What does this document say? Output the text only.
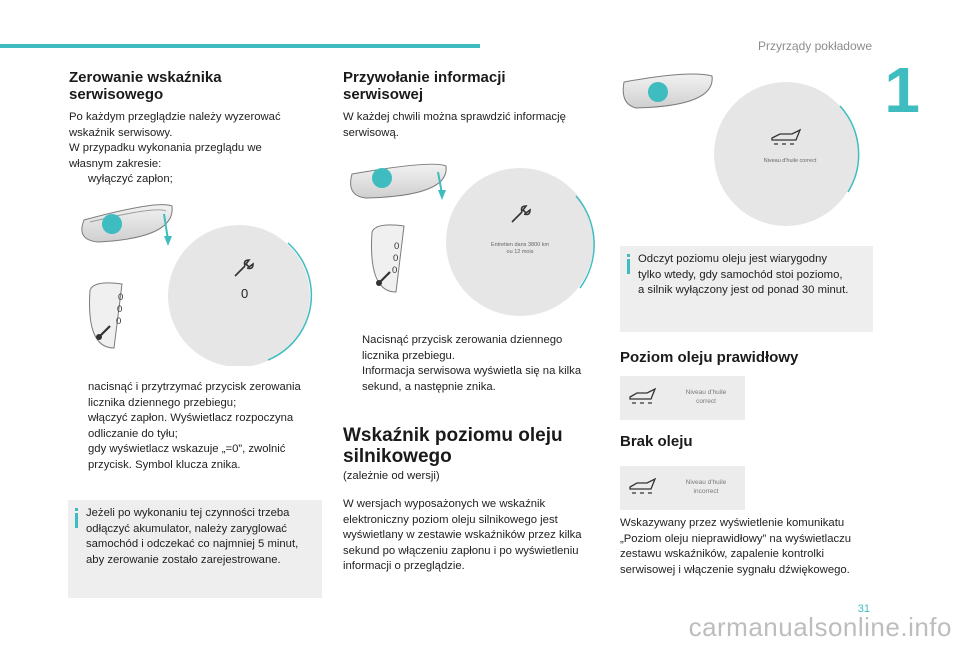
Przyrządy pokładowe
1
Zerowanie wskaźnika
serwisowego
Po każdym przeglądzie należy wyzerować
wskaźnik serwisowy.
W przypadku wykonania przeglądu we
własnym zakresie:
wyłączyć zapłon;
0
0
0
0
nacisnąć i przytrzymać przycisk zerowania
licznika dziennego przebiegu;
włączyć zapłon. Wyświetlacz rozpoczyna
odliczanie do tyłu;
gdy wyświetlacz wskazuje „=0”, zwolnić
przycisk. Symbol klucza znika.
Jeżeli po wykonaniu tej czynności trzeba
odłączyć akumulator, należy zaryglować
samochód i odczekać co najmniej 5 minut,
aby zerowanie zostało zarejestrowane.
Przywołanie informacji
serwisowej
W każdej chwili można sprawdzić informację
serwisową.
Entretien dans 3800 km
ou 12 mois
0
0
0
Nacisnąć przycisk zerowania dziennego
licznika przebiegu.
Informacja serwisowa wyświetla się na kilka
sekund, a następnie znika.
Wskaźnik poziomu oleju
silnikowego
(zależnie od wersji)
W wersjach wyposażonych we wskaźnik
elektroniczny poziom oleju silnikowego jest
wyświetlany w zestawie wskaźników przez kilka
sekund po włączeniu zapłonu i po wyświetleniu
informacji o przeglądzie.
Niveau d'huile correct
Odczyt poziomu oleju jest wiarygodny
tylko wtedy, gdy samochód stoi poziomo,
a silnik wyłączony jest od ponad 30 minut.
Poziom oleju prawidłowy
Niveau d'huile
correct
Brak oleju
Niveau d'huile
incorrect
Wskazywany przez wyświetlenie komunikatu
„Poziom oleju nieprawidłowy” na wyświetlaczu
zestawu wskaźników, zapalenie kontrolki
serwisowej i włączenie sygnału dźwiękowego.
31
carmanualsonline.info
